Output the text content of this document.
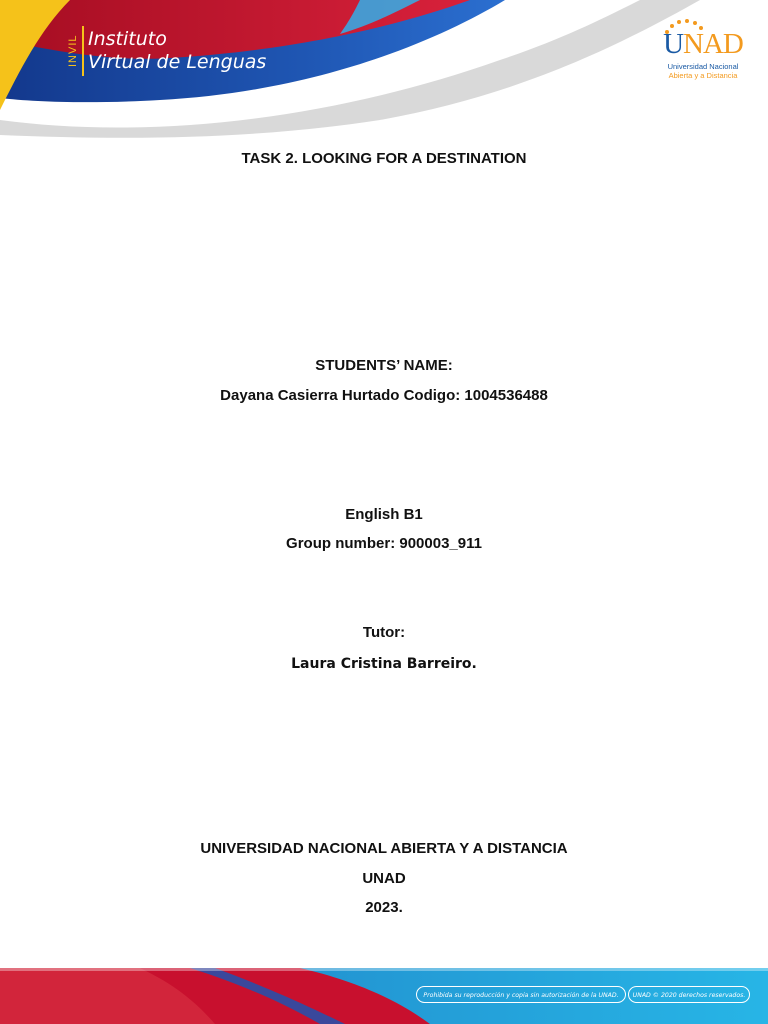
INVIL Instituto
Virtual de Lenguas
UNAD
Universidad Nacional
Abierta y a Distancia
TASK 2. LOOKING FOR A DESTINATION
STUDENTS’ NAME:
Dayana Casierra Hurtado Codigo: 1004536488
English B1
Group number: 900003_911
Tutor:
Laura Cristina Barreiro.
UNIVERSIDAD NACIONAL ABIERTA Y A DISTANCIA
UNAD
2023.
Prohibida su reproducción y copia sin autorización de la UNAD.	UNAD © 2020 derechos reservados.
